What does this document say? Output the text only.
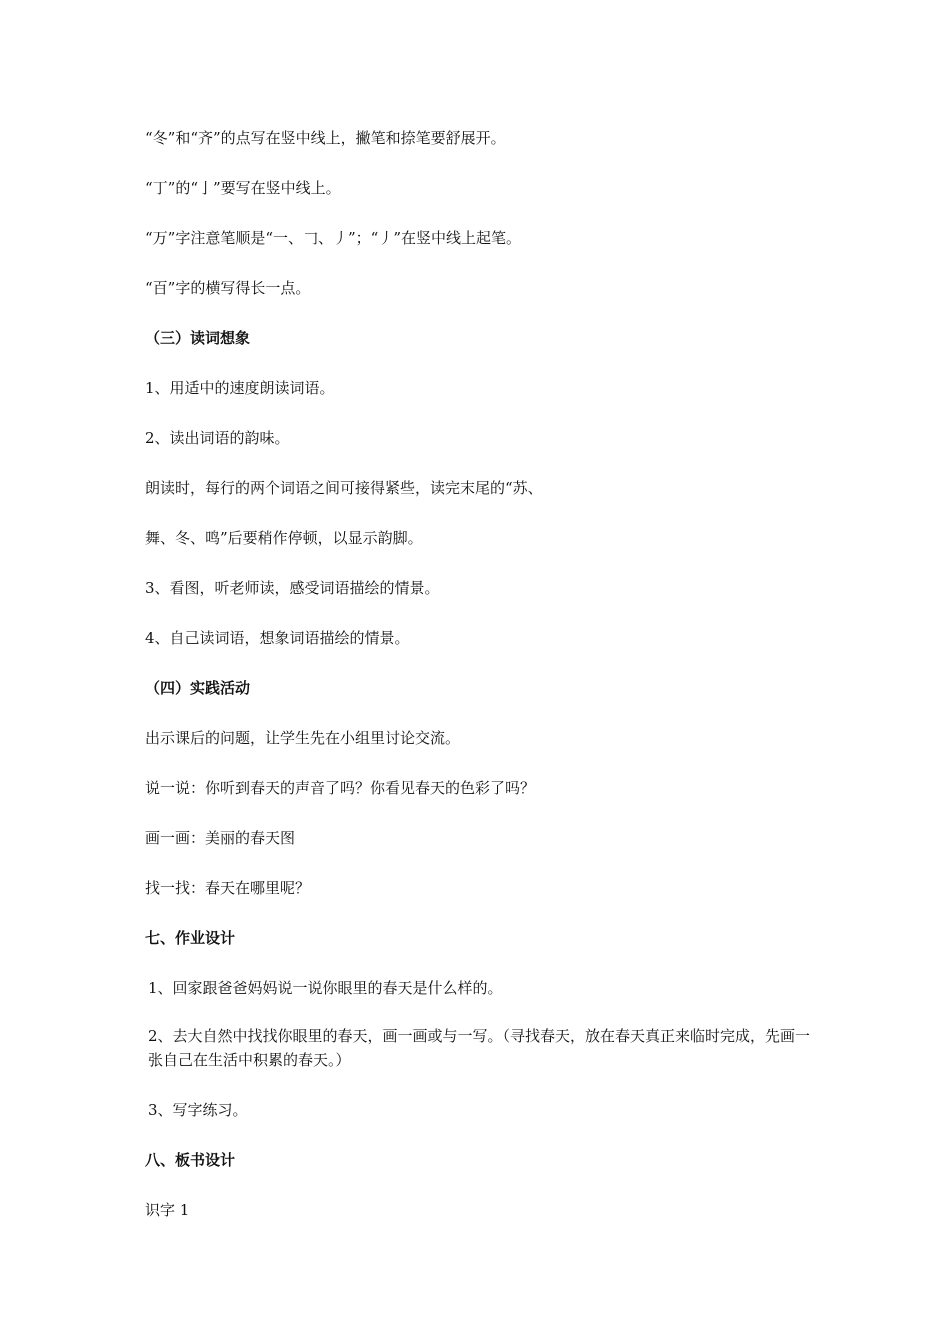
“冬”和“齐”的点写在竖中线上，撇笔和捺笔要舒展开。
“丁”的“亅”要写在竖中线上。
“万”字注意笔顺是“一、𠃌、丿”；“丿”在竖中线上起笔。
“百”字的横写得长一点。
（三）读词想象
1、用适中的速度朗读词语。
2、读出词语的韵味。
朗读时，每行的两个词语之间可接得紧些，读完末尾的“苏、
舞、冬、鸣”后要稍作停顿，以显示韵脚。
3、看图，听老师读，感受词语描绘的情景。
4、自己读词语，想象词语描绘的情景。
（四）实践活动
出示课后的问题，让学生先在小组里讨论交流。
说一说：你听到春天的声音了吗？你看见春天的色彩了吗？
画一画：美丽的春天图
找一找：春天在哪里呢？
七、作业设计
1、回家跟爸爸妈妈说一说你眼里的春天是什么样的。
2、去大自然中找找你眼里的春天，画一画或与一写。（寻找春天，放在春天真正来临时完成，先画一张自己在生活中积累的春天。）
3、写字练习。
八、板书设计
识字 1
